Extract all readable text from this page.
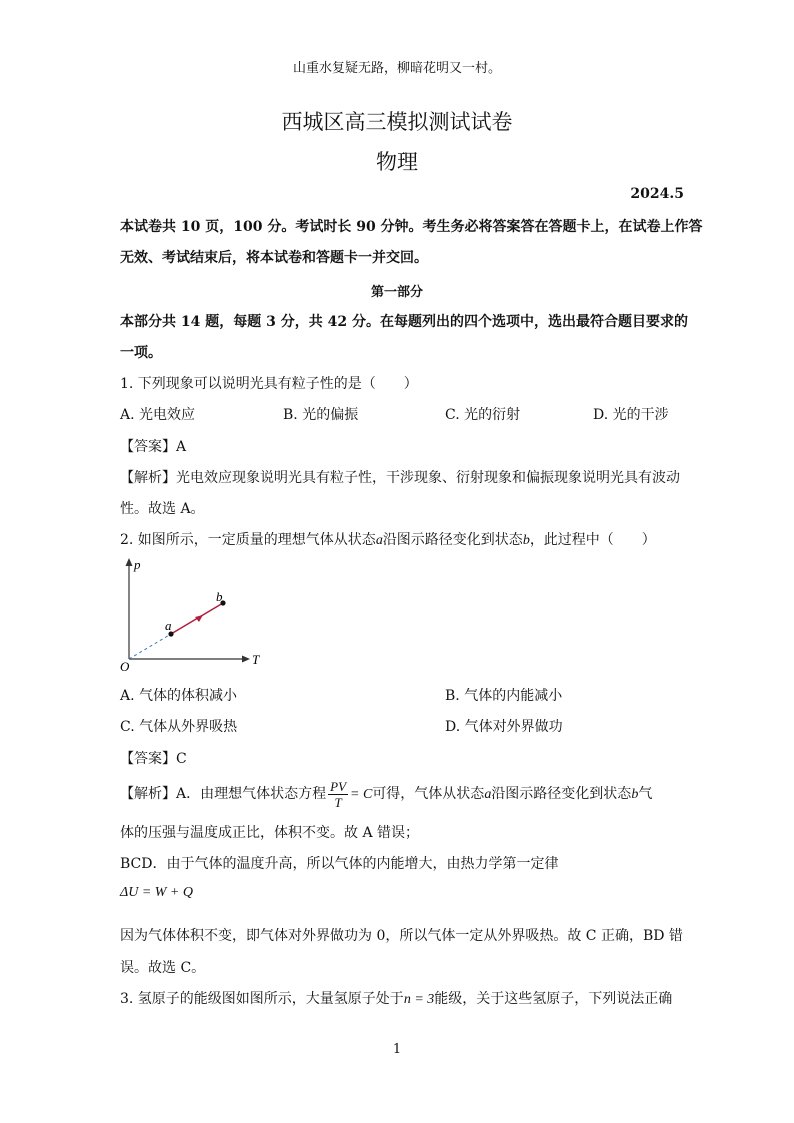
山重水复疑无路，柳暗花明又一村。
西城区高三模拟测试试卷
物理
2024.5
本试卷共 10 页，100 分。考试时长 90 分钟。考生务必将答案答在答题卡上，在试卷上作答
无效、考试结束后，将本试卷和答题卡一并交回。
第一部分
本部分共 14 题，每题 3 分，共 42 分。在每题列出的四个选项中，选出最符合题目要求的
一项。
1. 下列现象可以说明光具有粒子性的是（　　）
A. 光电效应	B. 光的偏振	C. 光的衍射	D. 光的干涉
【答案】A
【解析】光电效应现象说明光具有粒子性，干涉现象、衍射现象和偏振现象说明光具有波动
性。故选 A。
2. 如图所示，一定质量的理想气体从状态a沿图示路径变化到状态b，此过程中（　　）
p
T
O
a
b
A. 气体的体积减小	B. 气体的内能减小
C. 气体从外界吸热	D. 气体对外界做功
【答案】C
【解析】A．由理想气体状态方程 $\frac{PV}{T} = C$可得，气体从状态a沿图示路径变化到状态b气
体的压强与温度成正比，体积不变。故 A 错误；
BCD．由于气体的温度升高，所以气体的内能增大，由热力学第一定律
ΔU = W + Q
因为气体体积不变，即气体对外界做功为 0，所以气体一定从外界吸热。故 C 正确，BD 错
误。故选 C。
3. 氢原子的能级图如图所示，大量氢原子处于n = 3能级，关于这些氢原子，下列说法正确
1
